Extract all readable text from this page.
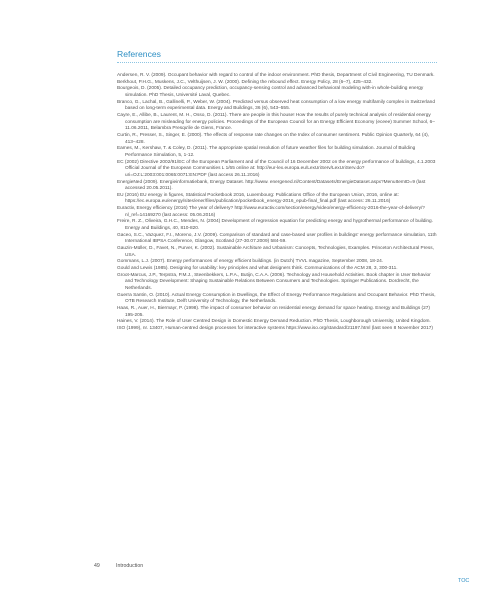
References
Andersen, R. V. (2009). Occupant behavior with regard to control of the indoor environment. PhD thesis, Department of Civil Engineering, TU Denmark.
Berkhout, P.H.G., Muskens, J.C., Velthuijsen, J. W. (2000). Defining the rebound effect. Energy Policy, 28 (6–7), 425–432.
Bourgeois, D. (2005). Detailed occupancy prediction, occupancy-sensing control and advanced behavioral modeling with-in whole-building energy simulation. PhD Thesis, Université Laval, Quebec.
Branco, G., Lachal, B., Gallinelli, P., Weber, W. (2004). Predicted versus observed heat consumption of a low energy multifamily complex in Switzerland based on long-term experimental data. Energy and Buildings, 36 (6), 543–555.
Cayre, E., Allibe, B., Laurent, M. H., Osso, D. (2011). There are people in this house! How the results of purely technical analysis of residential energy consumption are misleading for energy policies. Proceedings of the European Council for an Energy Efficient Economy (eceee) Summer School, 6–11.06.2011, Belambra Presqu'ile de Giens, France.
Curtin, R., Presser, S., Singer, E. (2000). The effects of response rate changes on the Index of consumer sentiment. Public Opinion Quarterly, 64 (4), 413–428.
Eames, M., Kershaw, T. & Coley, D. (2011). The appropriate spatial resolution of future weather files for building simulation. Journal of Building Performance Simulation, 5, 1-12.
EC (2002) Directive 2002/91/EC of the European Parliament and of the Council of 16 December 2002 on the energy performance of buildings, 4.1.2003 Official Journal of the European Communities L 1/65 online at: http://eur-lex.europa.eu/LexUriServ/LexUriServ.do?uri=OJ:L:2003:001:0065:0071:EN:PDF (last access 26.11.2016)
EnergieNed (2009). Energieinformatiebank, Energy Dataset. http://www. energened.nl/Content/Datasets/EnergieDataset.aspx?MenuItemID=9 (last accessed 20.05.2011).
EU (2016) EU energy in figures, Statistical Pocketbook 2016, Luxembourg: Publications Office of the European Union, 2016, online at: https://ec.europa.eu/energy/sites/ener/files/publication/pocketbook_energy-2016_epub-final_final.pdf (last access: 26.11.2016)
Euractiv, Energy efficiency (2016) The year of delivery? http://www.euractiv.com/section/energy/video/energy-efficiency-2016-the-year-of-delivery/?nl_ref=14169270 (last access: 05.06.2016)
Freire, R. Z., Oliveira, G.H.C., Mendes, N. (2004) Development of regression equation for predicting energy and hygrothermal performance of building. Energy and Buildings, 40, 810-820.
Gaceo, S.C., Vazquez, F.I., Moreno, J.V. (2009). Comparison of standard and case-based user profiles in buildings' energy performance simulation, 11th International IBPSA Conference, Glasgow, Scotland (27-30.07.2009) 584-59.
Gauzin-Müller, D., Favet, N., Purver, K. (2002). Sustainable Architure and Urbanism: Concepts, Technologies, Examples. Princeton Architectural Press, USA.
Gommans, L.J. (2007). Energy performances of energy efficient buildings. (in Dutch) TVVL magazine, September 2008, 18-24.
Gould and Lewis (1985). Designing for usability: key principles and what designers think. Communications of the ACM 28, 3, 300-311.
Groot-Marcus, J.P., Terpstra, P.M.J., Steenbekkers, L.P.A., Butijn, C.A.A. (2006). Technology and Household Activities. Book chapter in User Behavior and Technology Development: Shaping Sustainable Relations Between Consumers and Technologies. Springer Publications. Dordrecht, the Netherlands.
Guerra Santin, O. (2010). Actual Energy Consumption in Dwellings, the Effect of Energy Performance Regulations and Occupant Behavior. PhD Thesis, OTB Research Institute, Delft University of Technology, the Netherlands.
Haas, R., Auer, H., Biermayr, P. (1998). The impact of consumer behavior on residential energy demand for space heating. Energy and Buildings (27) 195-205.
Haines, V. (2014). The Role of User Centred Design in Domestic Energy Demand Reduction. PhD Thesis, Loughborough University, United Kingdom.
ISO (1999), nr. 13407, Human-centred design processes for interactive systems https://www.iso.org/standard/21197.html (last seen 8 November 2017)
49	Introduction
TOC
